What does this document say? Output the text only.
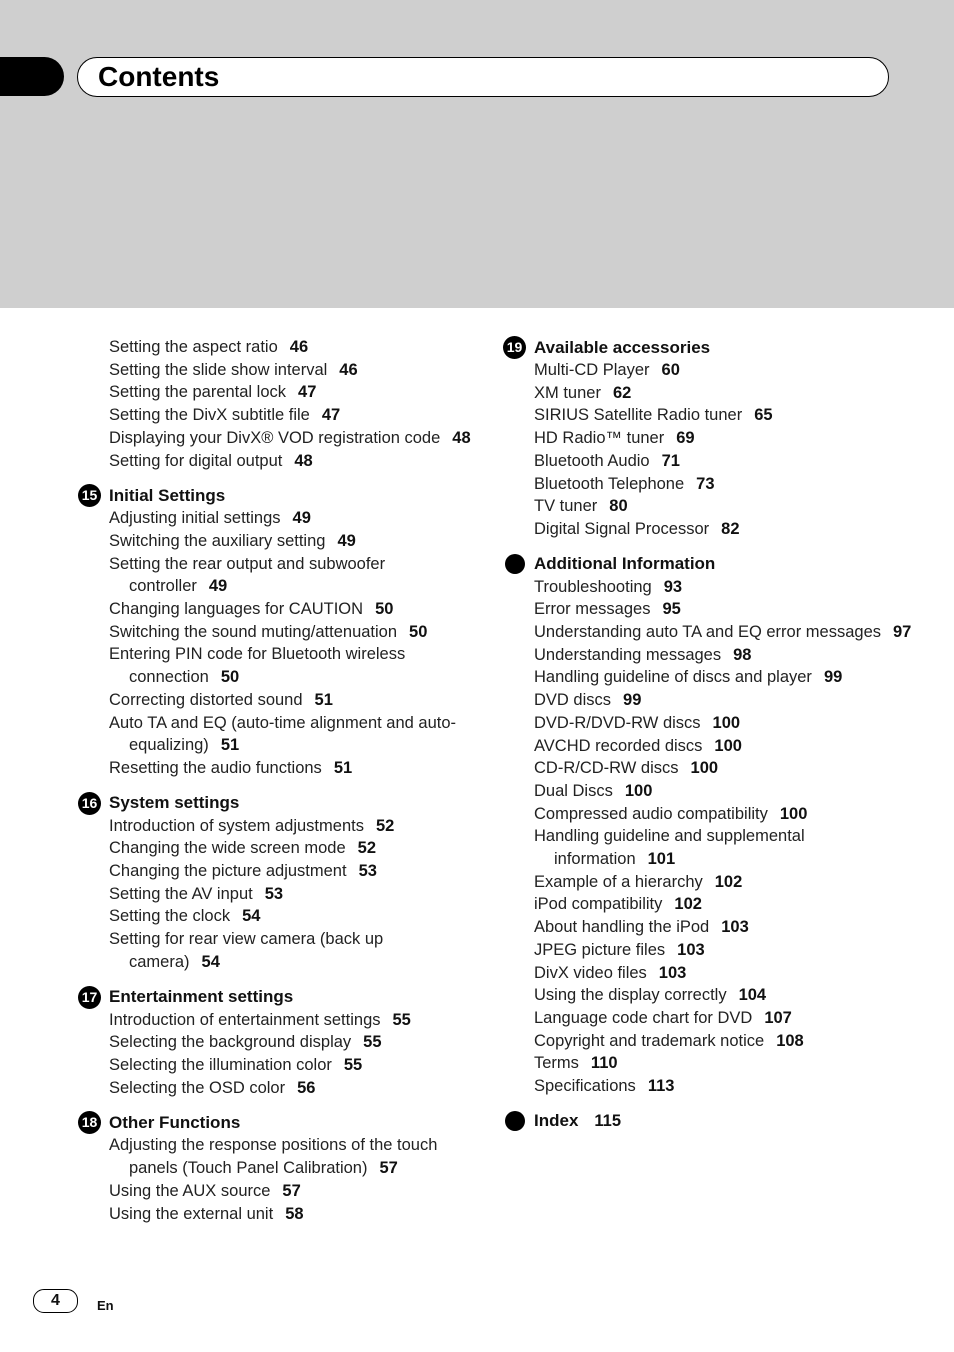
Contents
Setting the aspect ratio 46
Setting the slide show interval 46
Setting the parental lock 47
Setting the DivX subtitle file 47
Displaying your DivX® VOD registration code 48
Setting for digital output 48
15 Initial Settings
Adjusting initial settings 49
Switching the auxiliary setting 49
Setting the rear output and subwoofer controller 49
Changing languages for CAUTION 50
Switching the sound muting/attenuation 50
Entering PIN code for Bluetooth wireless connection 50
Correcting distorted sound 51
Auto TA and EQ (auto-time alignment and auto-equalizing) 51
Resetting the audio functions 51
16 System settings
Introduction of system adjustments 52
Changing the wide screen mode 52
Changing the picture adjustment 53
Setting the AV input 53
Setting the clock 54
Setting for rear view camera (back up camera) 54
17 Entertainment settings
Introduction of entertainment settings 55
Selecting the background display 55
Selecting the illumination color 55
Selecting the OSD color 56
18 Other Functions
Adjusting the response positions of the touch panels (Touch Panel Calibration) 57
Using the AUX source 57
Using the external unit 58
19 Available accessories
Multi-CD Player 60
XM tuner 62
SIRIUS Satellite Radio tuner 65
HD Radio™ tuner 69
Bluetooth Audio 71
Bluetooth Telephone 73
TV tuner 80
Digital Signal Processor 82
Additional Information
Troubleshooting 93
Error messages 95
Understanding auto TA and EQ error messages 97
Understanding messages 98
Handling guideline of discs and player 99
DVD discs 99
DVD-R/DVD-RW discs 100
AVCHD recorded discs 100
CD-R/CD-RW discs 100
Dual Discs 100
Compressed audio compatibility 100
Handling guideline and supplemental information 101
Example of a hierarchy 102
iPod compatibility 102
About handling the iPod 103
JPEG picture files 103
DivX video files 103
Using the display correctly 104
Language code chart for DVD 107
Copyright and trademark notice 108
Terms 110
Specifications 113
Index 115
4	En
